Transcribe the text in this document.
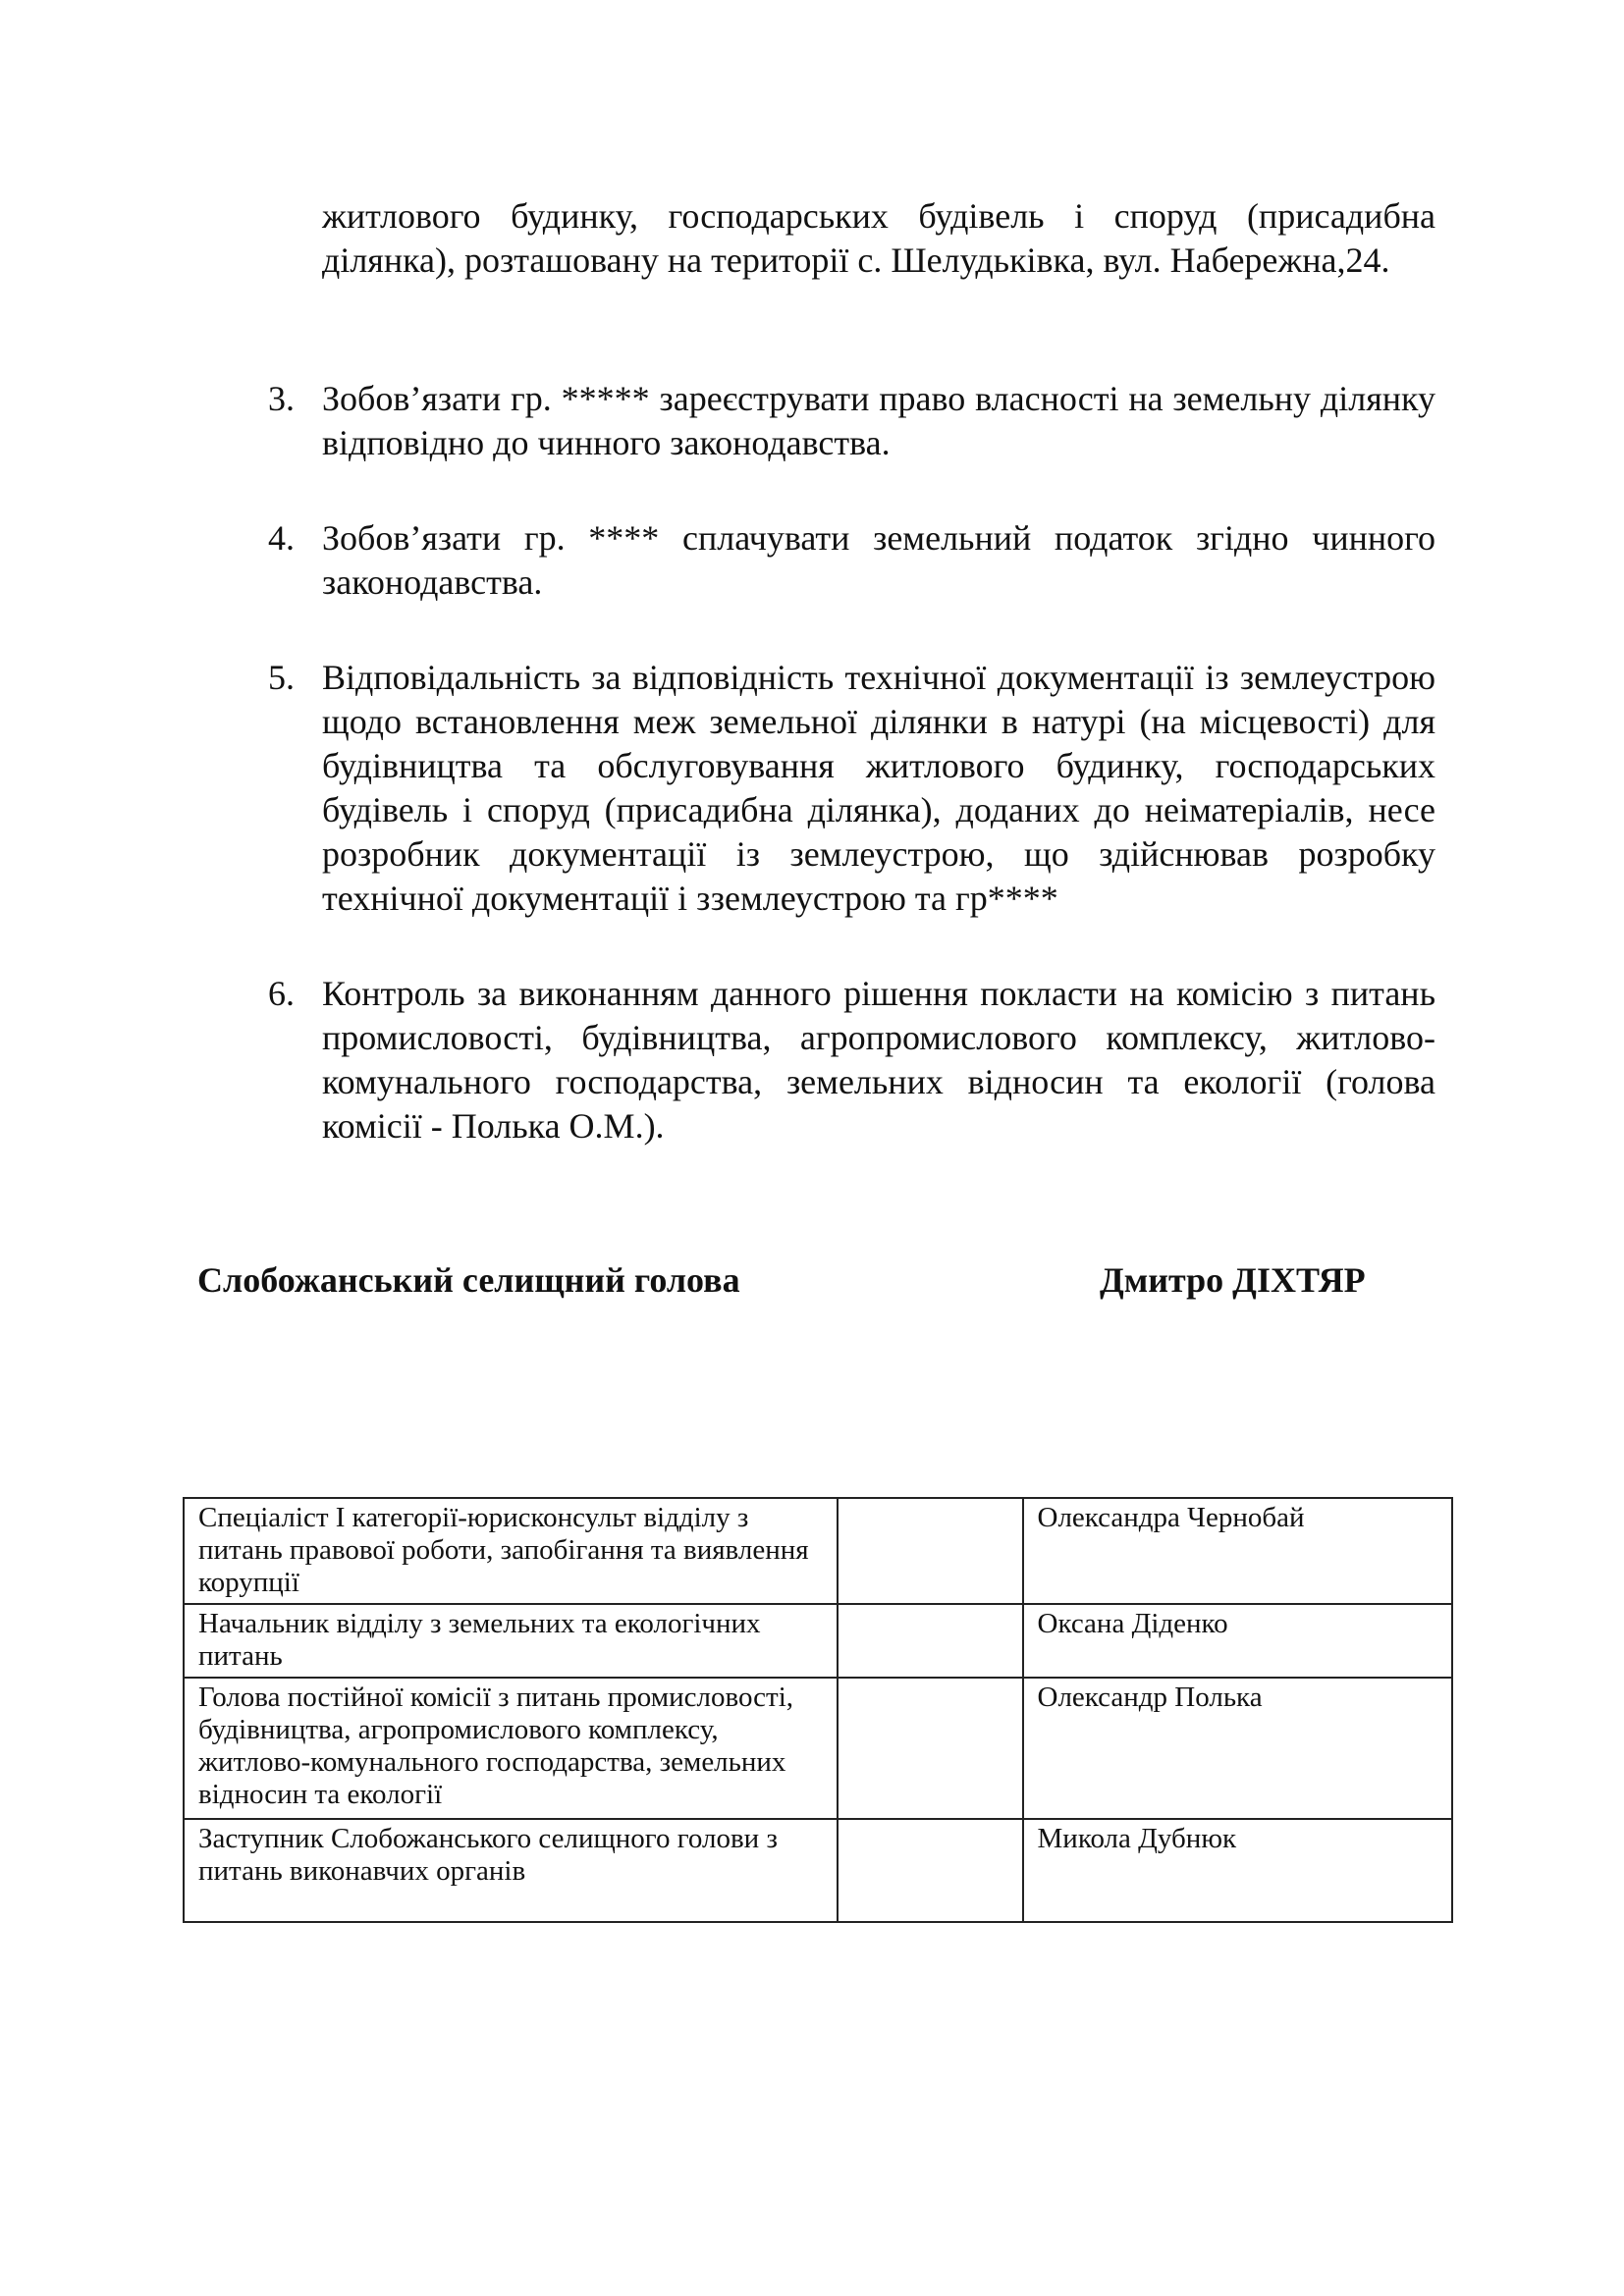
житлового будинку, господарських будівель і споруд (присадибна ділянка), розташовану на території с. Шелудьківка, вул. Набережна,24.

3. Зобов’язати гр. ***** зареєструвати право власності на земельну ділянку відповідно до чинного законодавства.
4. Зобов’язати гр. **** сплачувати земельний податок згідно чинного законодавства.
5. Відповідальність за відповідність технічної документації із землеустрою щодо встановлення меж земельної ділянки в натурі (на місцевості) для будівництва та обслуговування житлового будинку, господарських будівель і споруд (присадибна ділянка), доданих до неіматеріалів, несе розробник документації із землеустрою, що здійснював розробку технічної документації і зземлеустрою та гр****
6. Контроль за виконанням данного рішення покласти на комісію з питань промисловості, будівництва, агропромислового комплексу, житлово-комунального господарства, земельних відносин та екології (голова комісії - Полька О.М.).
Слобожанський селищний голова	Дмитро ДІХТЯР
Спеціаліст І категорії-юрисконсульт відділу з питань правової роботи, запобігання та виявлення корупції		Олександра Чернобай
Начальник відділу з земельних та екологічних питань		Оксана Діденко
Голова постійної комісії з питань промисловості, будівництва, агропромислового комплексу, житлово-комунального господарства, земельних відносин та екології		Олександр Полька
Заступник Слобожанського селищного голови з питань виконавчих органів		Микола Дубнюк
